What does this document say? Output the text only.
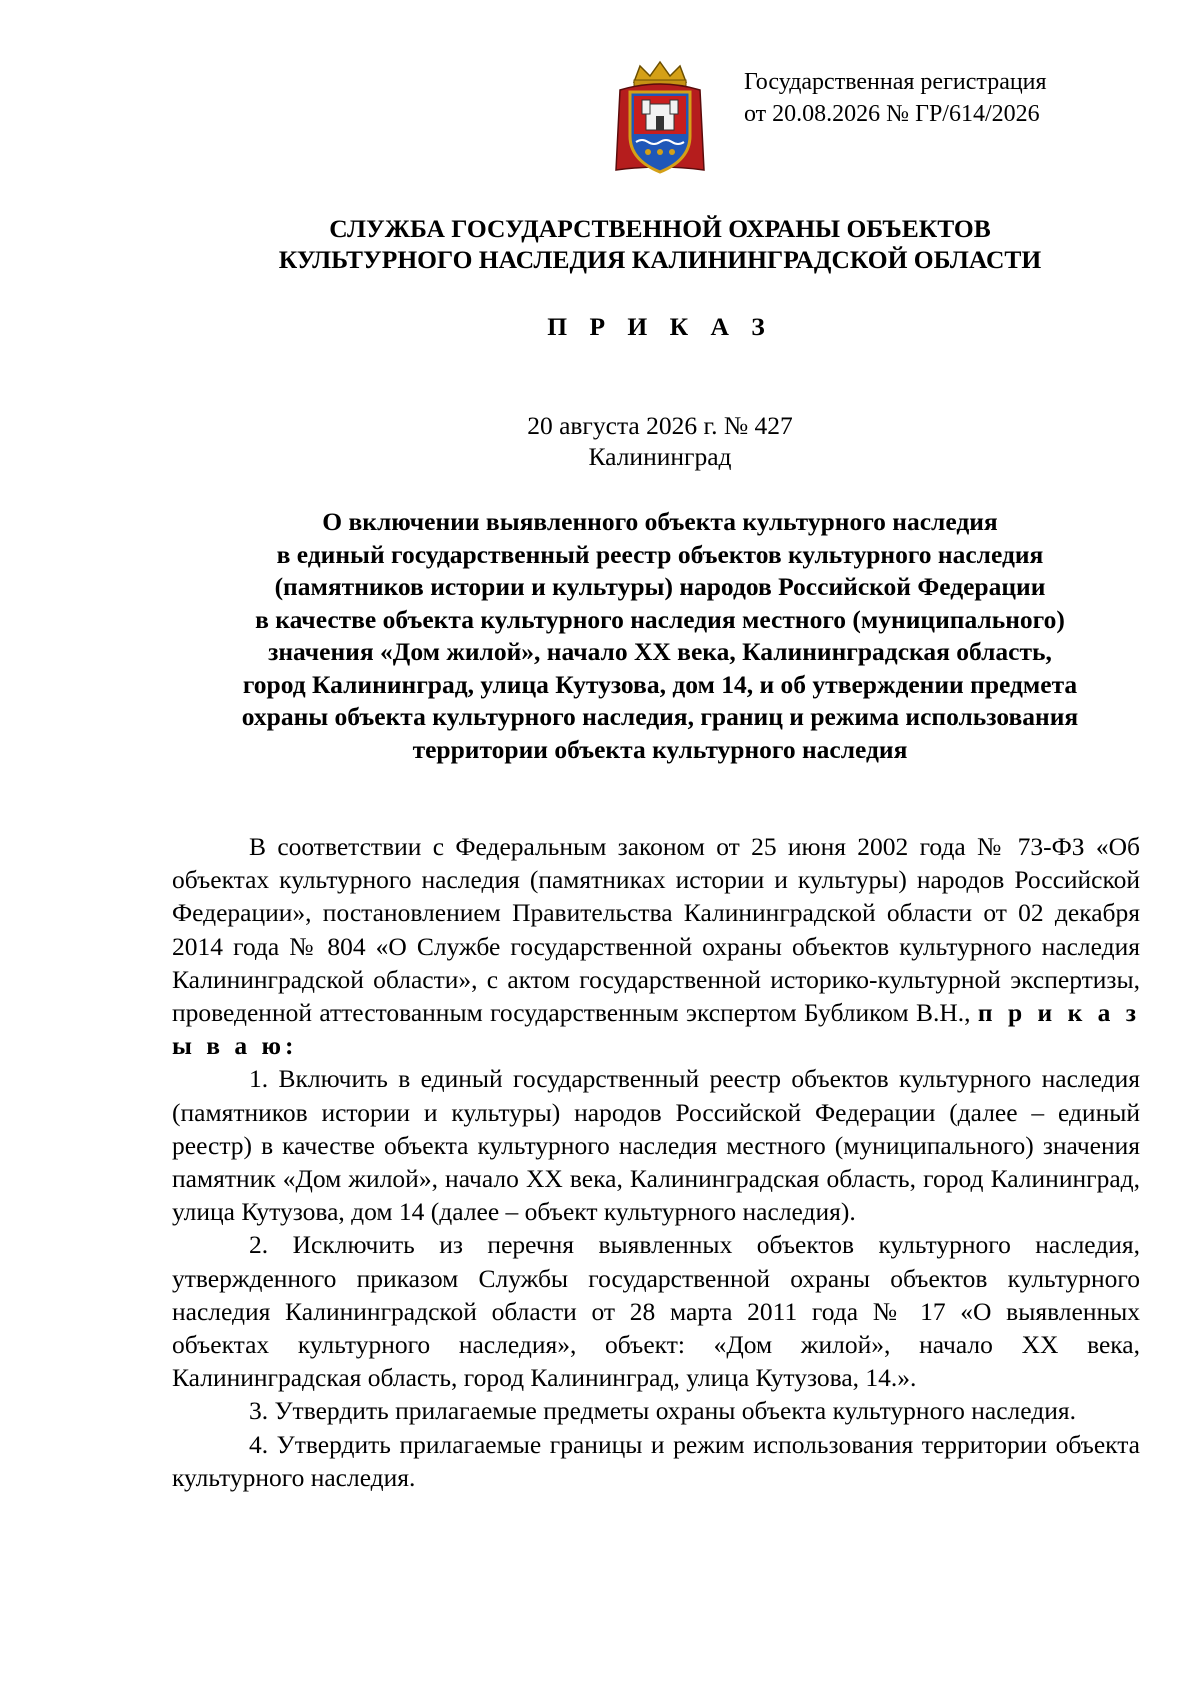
Государственная регистрация
от 20.08.2026 № ГР/614/2026
СЛУЖБА ГОСУДАРСТВЕННОЙ ОХРАНЫ ОБЪЕКТОВ
КУЛЬТУРНОГО НАСЛЕДИЯ КАЛИНИНГРАДСКОЙ ОБЛАСТИ
П Р И К А З
20 августа 2026 г. № 427
Калининград
О включении выявленного объекта культурного наследия
в единый государственный реестр объектов культурного наследия
(памятников истории и культуры) народов Российской Федерации
в качестве объекта культурного наследия местного (муниципального)
значения «Дом жилой», начало XX века, Калининградская область,
город Калининград, улица Кутузова, дом 14, и об утверждении предмета
охраны объекта культурного наследия, границ и режима использования
территории объекта культурного наследия

В соответствии с Федеральным законом от 25 июня 2002 года № 73-ФЗ «Об объектах культурного наследия (памятниках истории и культуры) народов Российской Федерации», постановлением Правительства Калининградской области от 02 декабря 2014 года № 804 «О Службе государственной охраны объектов культурного наследия Калининградской области», с актом государственной историко-культурной экспертизы, проведенной аттестованным государственным экспертом Бубликом В.Н., п р и к а з ы в а ю:

1. Включить в единый государственный реестр объектов культурного наследия (памятников истории и культуры) народов Российской Федерации (далее – единый реестр) в качестве объекта культурного наследия местного (муниципального) значения памятник «Дом жилой», начало XX века, Калининградская область, город Калининград, улица Кутузова, дом 14 (далее – объект культурного наследия).

2. Исключить из перечня выявленных объектов культурного наследия, утвержденного приказом Службы государственной охраны объектов культурного наследия Калининградской области от 28 марта 2011 года № 17 «О выявленных объектах культурного наследия», объект: «Дом жилой», начало XX века, Калининградская область, город Калининград, улица Кутузова, 14.».

3. Утвердить прилагаемые предметы охраны объекта культурного наследия.

4. Утвердить прилагаемые границы и режим использования территории объекта культурного наследия.
